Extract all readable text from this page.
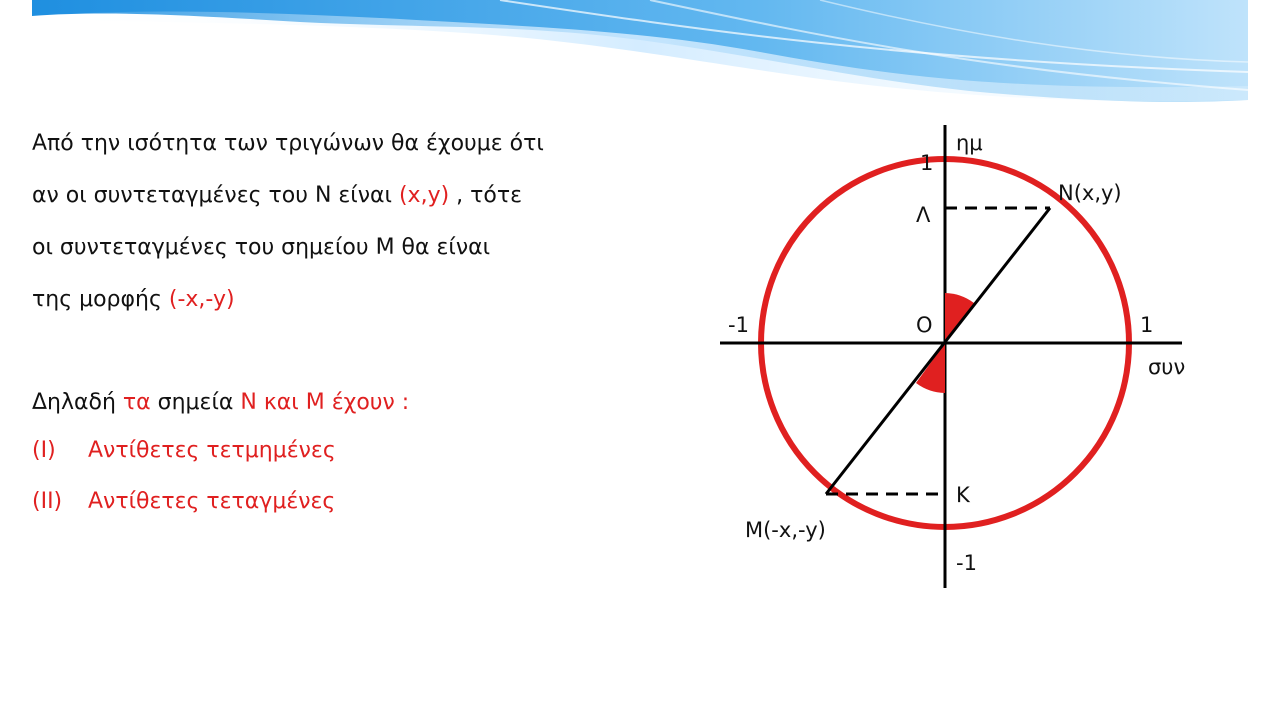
Από την ισότητα των τριγώνων θα έχουμε ότι
αν οι συντεταγμένες του Ν είναι (x,y) , τότε
οι συντεταγμένες του σημείου Μ θα είναι
της μορφής (-x,-y)
Δηλαδή τα σημεία Ν και Μ έχουν :
(I) Αντίθετες τετμημένες
(II) Αντίθετες τεταγμένες
ημ
συν
1
-1
-1	1
Ο
Ν(x,y)
Μ(-x,-y)
Λ
Κ
